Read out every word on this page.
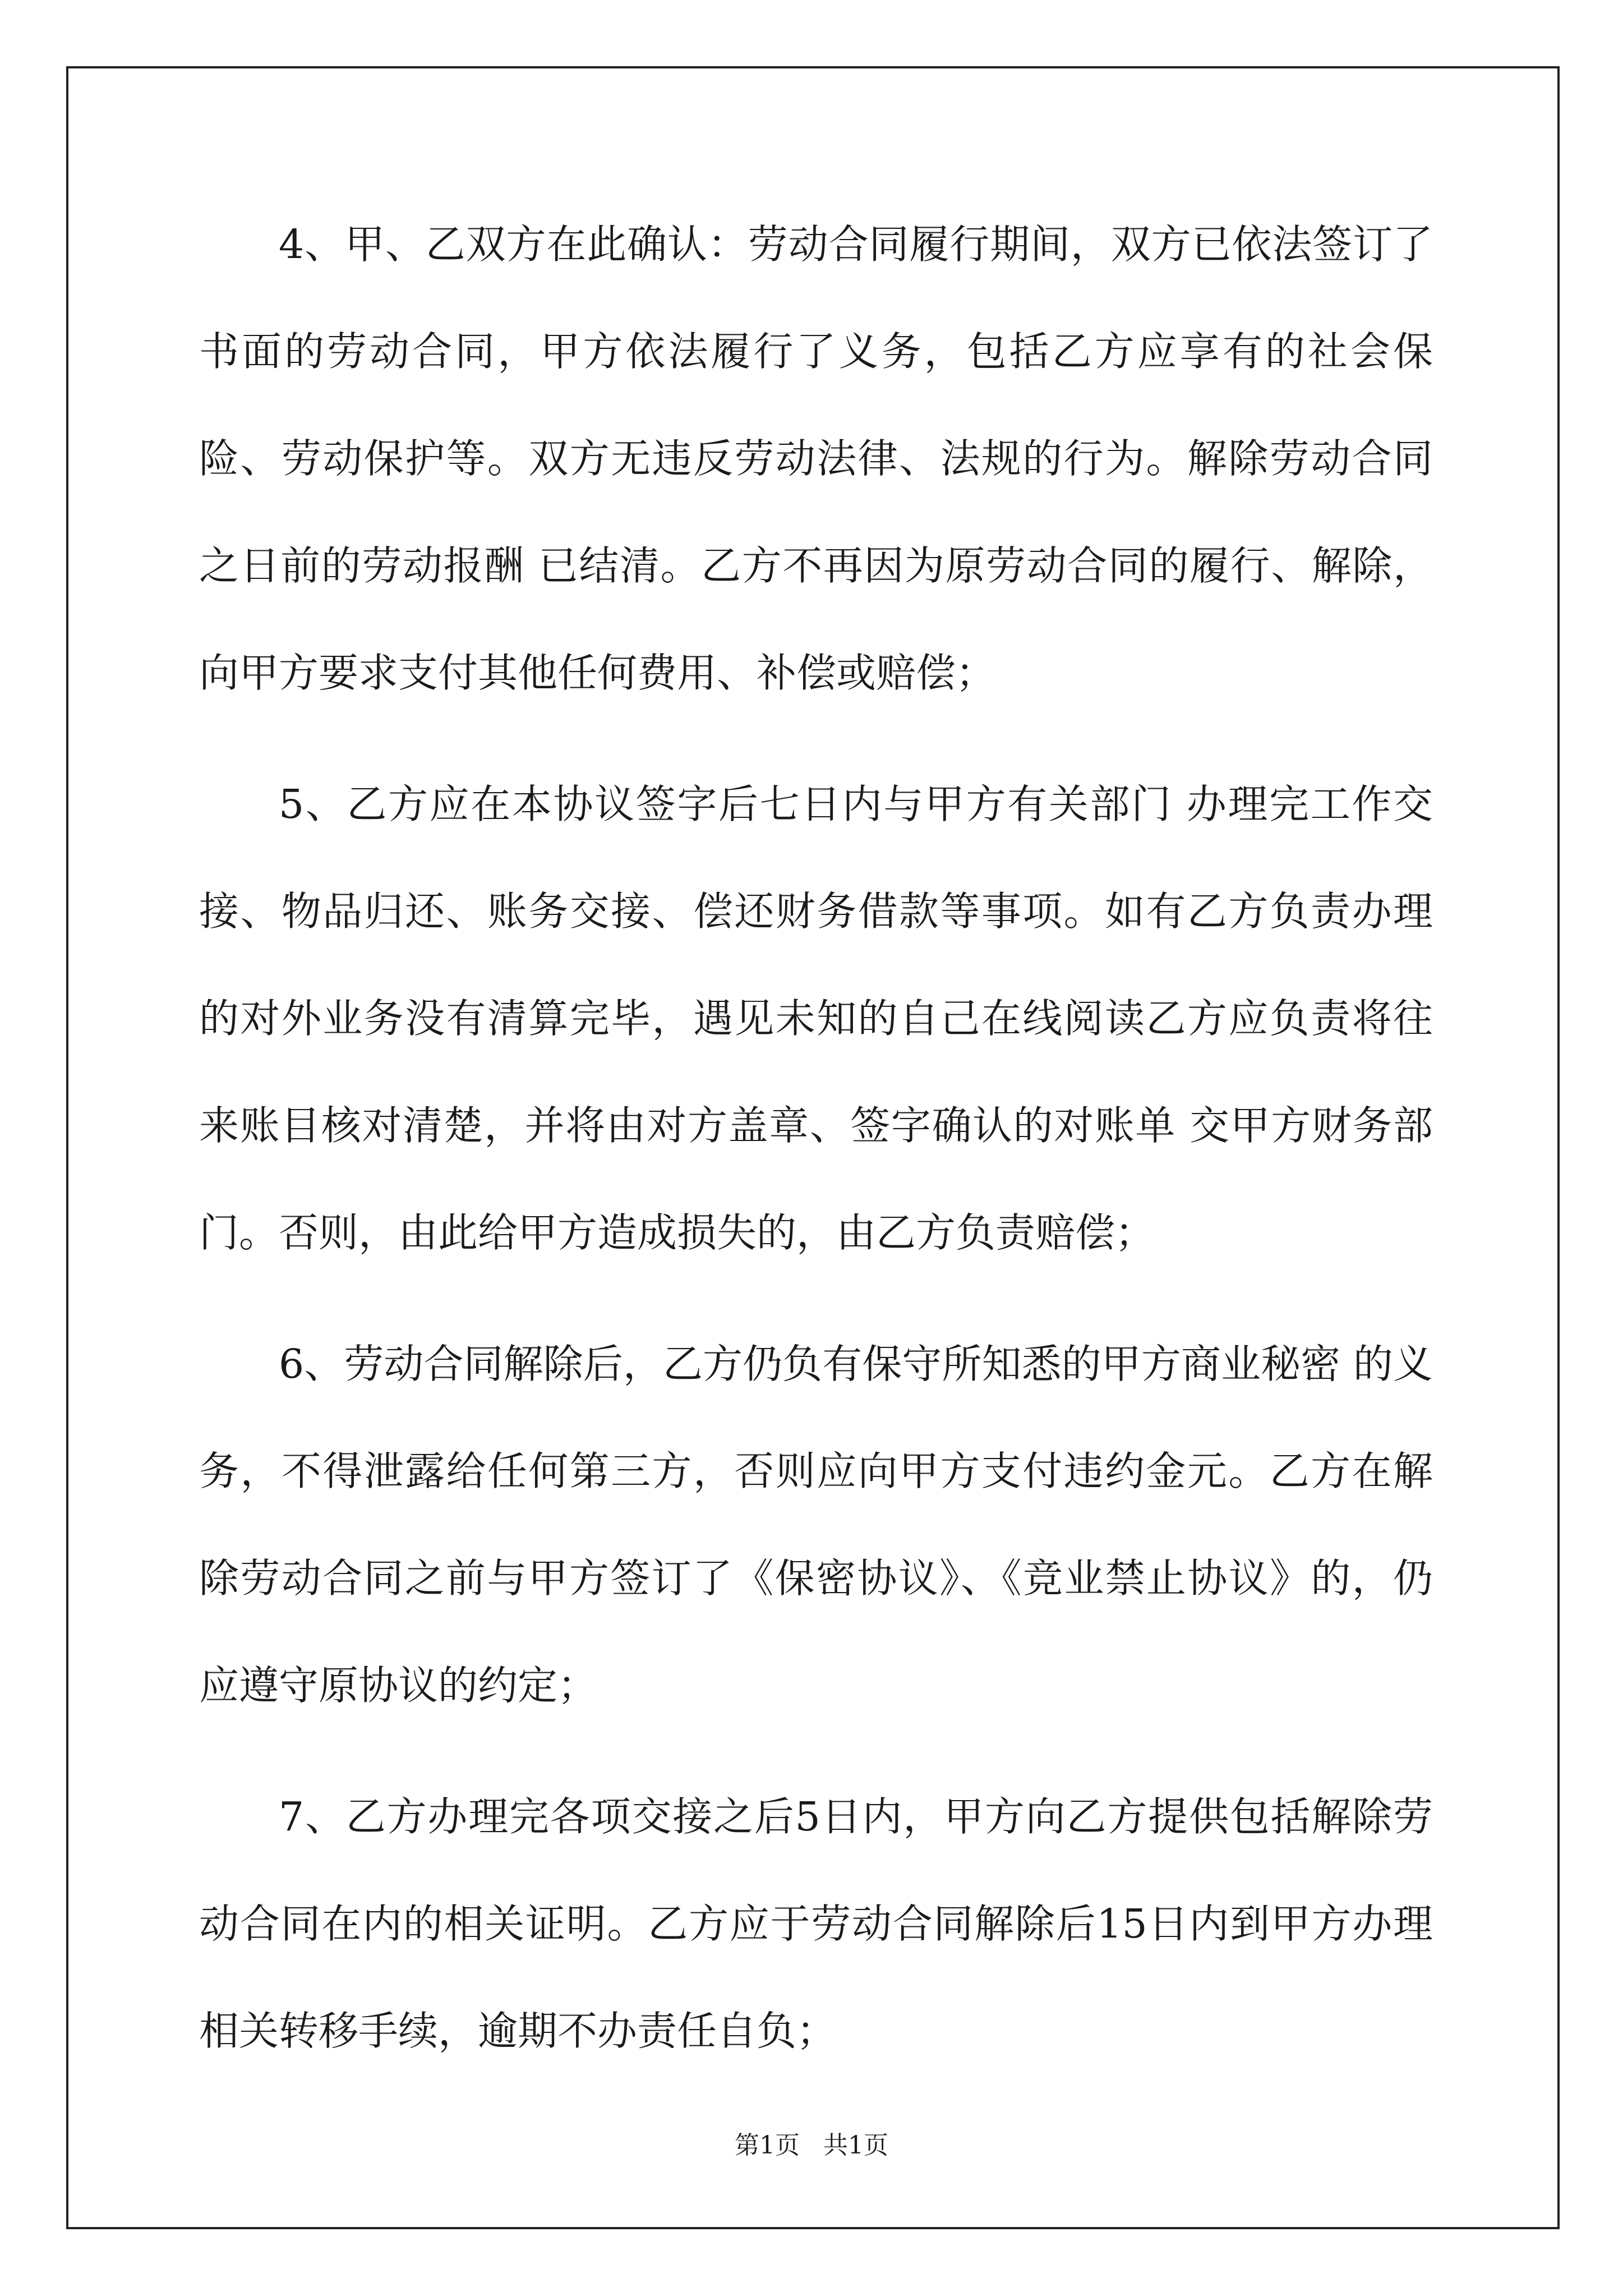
4、甲、乙双方在此确认：劳动合同履行期间，双方已依法签订了书面的劳动合同，甲方依法履行了义务，包括乙方应享有的社会保险、劳动保护等。双方无违反劳动法律、法规的行为。解除劳动合同之日前的劳动报酬 已结清。乙方不再因为原劳动合同的履行、解除，向甲方要求支付其他任何费用、补偿或赔偿；

5、乙方应在本协议签字后七日内与甲方有关部门 办理完工作交接、物品归还、账务交接、偿还财务借款等事项。如有乙方负责办理的对外业务没有清算完毕，遇见未知的自己在线阅读乙方应负责将往来账目核对清楚，并将由对方盖章、签字确认的对账单 交甲方财务部门。否则，由此给甲方造成损失的，由乙方负责赔偿；

6、劳动合同解除后，乙方仍负有保守所知悉的甲方商业秘密 的义务，不得泄露给任何第三方，否则应向甲方支付违约金元。乙方在解除劳动合同之前与甲方签订了《保密协议》、《竞业禁止协议》的，仍应遵守原协议的约定；

7、乙方办理完各项交接之后5日内，甲方向乙方提供包括解除劳动合同在内的相关证明。乙方应于劳动合同解除后15日内到甲方办理相关转移手续，逾期不办责任自负；

第1页   共1页
